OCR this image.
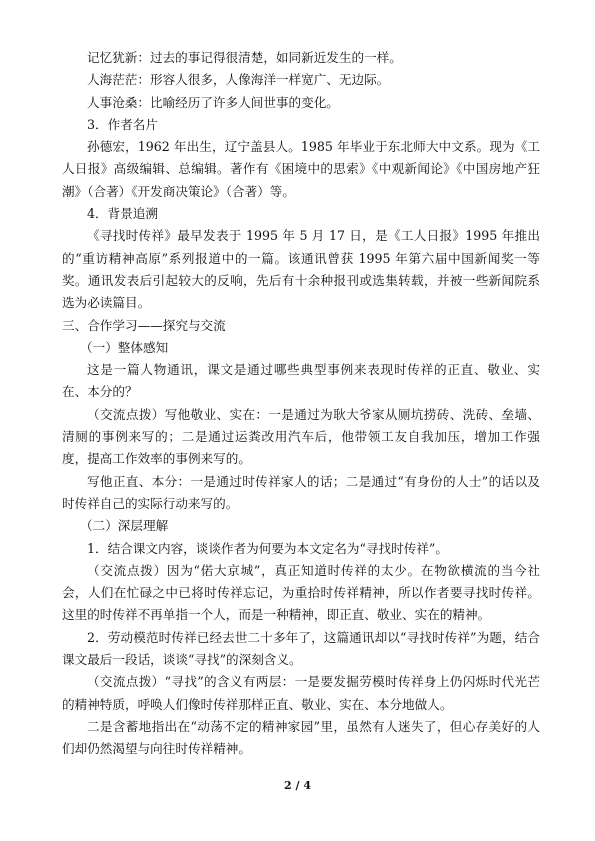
记忆犹新：过去的事记得很清楚，如同新近发生的一样。

人海茫茫：形容人很多，人像海洋一样宽广、无边际。

人事沧桑：比喻经历了许多人间世事的变化。

3．作者名片

孙德宏，1962 年出生，辽宁盖县人。1985 年毕业于东北师大中文系。现为《工人日报》高级编辑、总编辑。著作有《困境中的思索》《中观新闻论》《中国房地产狂潮》（合著）《开发商决策论》（合著）等。

4．背景追溯

《寻找时传祥》最早发表于 1995 年 5 月 17 日，是《工人日报》1995 年推出的“重访精神高原”系列报道中的一篇。该通讯曾获 1995 年第六届中国新闻奖一等奖。通讯发表后引起较大的反响，先后有十余种报刊或选集转载，并被一些新闻院系选为必读篇目。

三、合作学习——探究与交流

（一）整体感知

这是一篇人物通讯，课文是通过哪些典型事例来表现时传祥的正直、敬业、实在、本分的？

（交流点拨）写他敬业、实在：一是通过为耿大爷家从厕坑捞砖、洗砖、垒墙、清厕的事例来写的；二是通过运粪改用汽车后，他带领工友自我加压，增加工作强度，提高工作效率的事例来写的。

写他正直、本分：一是通过时传祥家人的话；二是通过“有身份的人士”的话以及时传祥自己的实际行动来写的。

（二）深层理解

1．结合课文内容，谈谈作者为何要为本文定名为“寻找时传祥”。

（交流点拨）因为“偌大京城”，真正知道时传祥的太少。在物欲横流的当今社会，人们在忙碌之中已将时传祥忘记，为重拾时传祥精神，所以作者要寻找时传祥。这里的时传祥不再单指一个人，而是一种精神，即正直、敬业、实在的精神。

2．劳动模范时传祥已经去世二十多年了，这篇通讯却以“寻找时传祥”为题，结合课文最后一段话，谈谈“寻找”的深刻含义。

（交流点拨）“寻找”的含义有两层：一是要发掘劳模时传祥身上仍闪烁时代光芒的精神特质，呼唤人们像时传祥那样正直、敬业、实在、本分地做人。

二是含蓄地指出在“动荡不定的精神家园”里，虽然有人迷失了，但心存美好的人们却仍然渴望与向往时传祥精神。

2 / 4
